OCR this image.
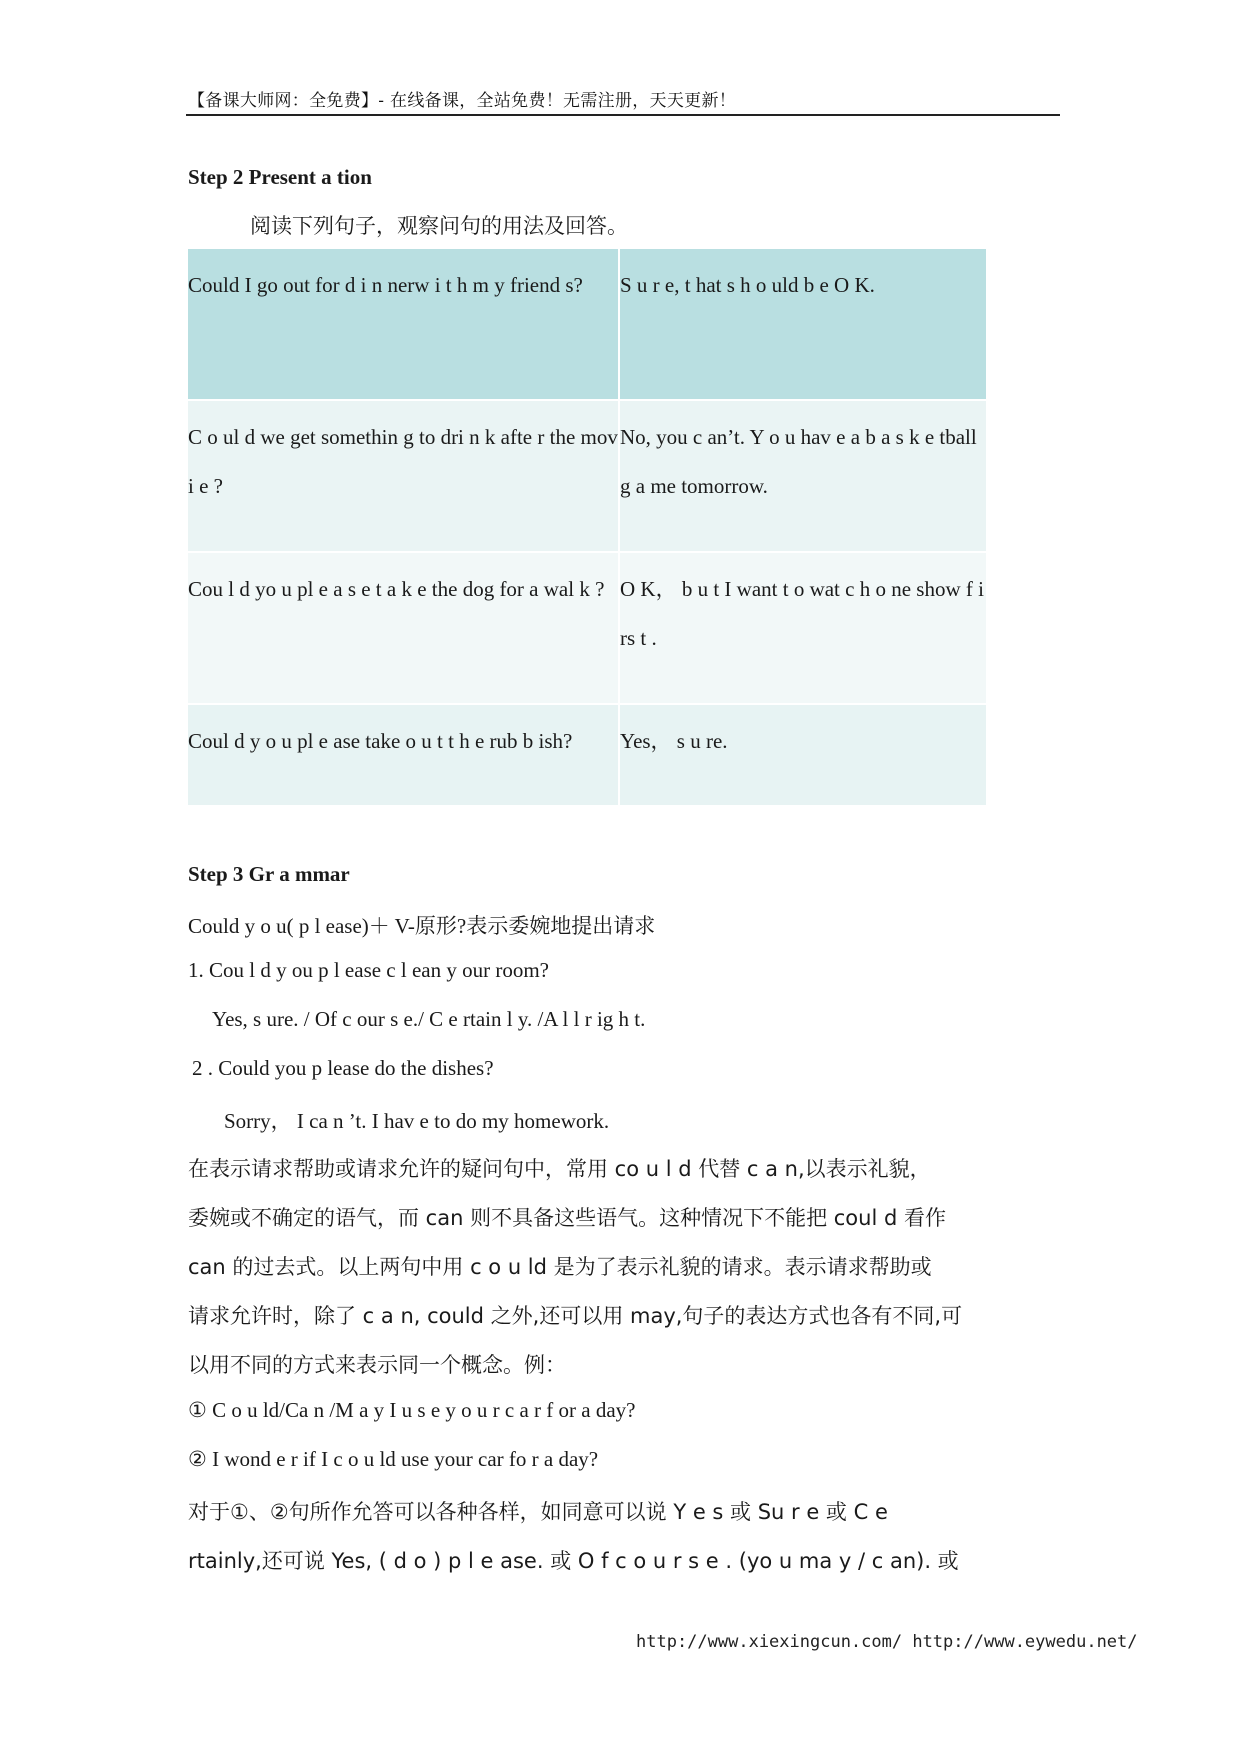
【备课大师网：全免费】- 在线备课，全站免费！无需注册，天天更新！
Step 2 Present a tion
阅读下列句子，观察问句的用法及回答。
Could I go out for d i n nerw i t h m y friend s?	S u r e, t hat s h o uld b e O K.
C o ul d we get somethin g to dri n k afte r the mov i e ?	No, you c an’t. Y o u hav e a b a s k e tball g a me tomorrow.
Cou l d yo u pl e a s e t a k e the dog for a wal k ?	O K， b u t I want t o wat c h o ne show f i rs t .
Coul d y o u pl e ase take o u t t h e rub b ish?	Yes， s u re.
Step 3 Gr a mmar
Could y o u( p l ease)＋ V-原形?表示委婉地提出请求
1. Cou l d y ou p l ease c l ean y our room?
Yes, s ure. / Of c our s e./ C e rtain l y. /A l l r ig h t.
2 . Could you p lease do the dishes?
Sorry， I ca n ’t. I hav e to do my homework.
在表示请求帮助或请求允许的疑问句中，常用 co u l d 代替 c a n,以表示礼貌，
委婉或不确定的语气，而 can 则不具备这些语气。这种情况下不能把 coul d 看作
can 的过去式。以上两句中用 c o u ld 是为了表示礼貌的请求。表示请求帮助或
请求允许时，除了 c a n, could 之外,还可以用 may,句子的表达方式也各有不同,可
以用不同的方式来表示同一个概念。例：
① C o u ld/Ca n /M a y I u s e y o u r c a r f or a day?
② I wond e r if I c o u ld use your car fo r a day?
对于①、②句所作允答可以各种各样，如同意可以说 Y e s 或 Su r e 或 C e
rtainly,还可说 Yes, ( d o ) p l e ase. 或 O f c o u r s e . (yo u ma y / c an). 或
http://www.xiexingcun.com/ http://www.eywedu.net/
